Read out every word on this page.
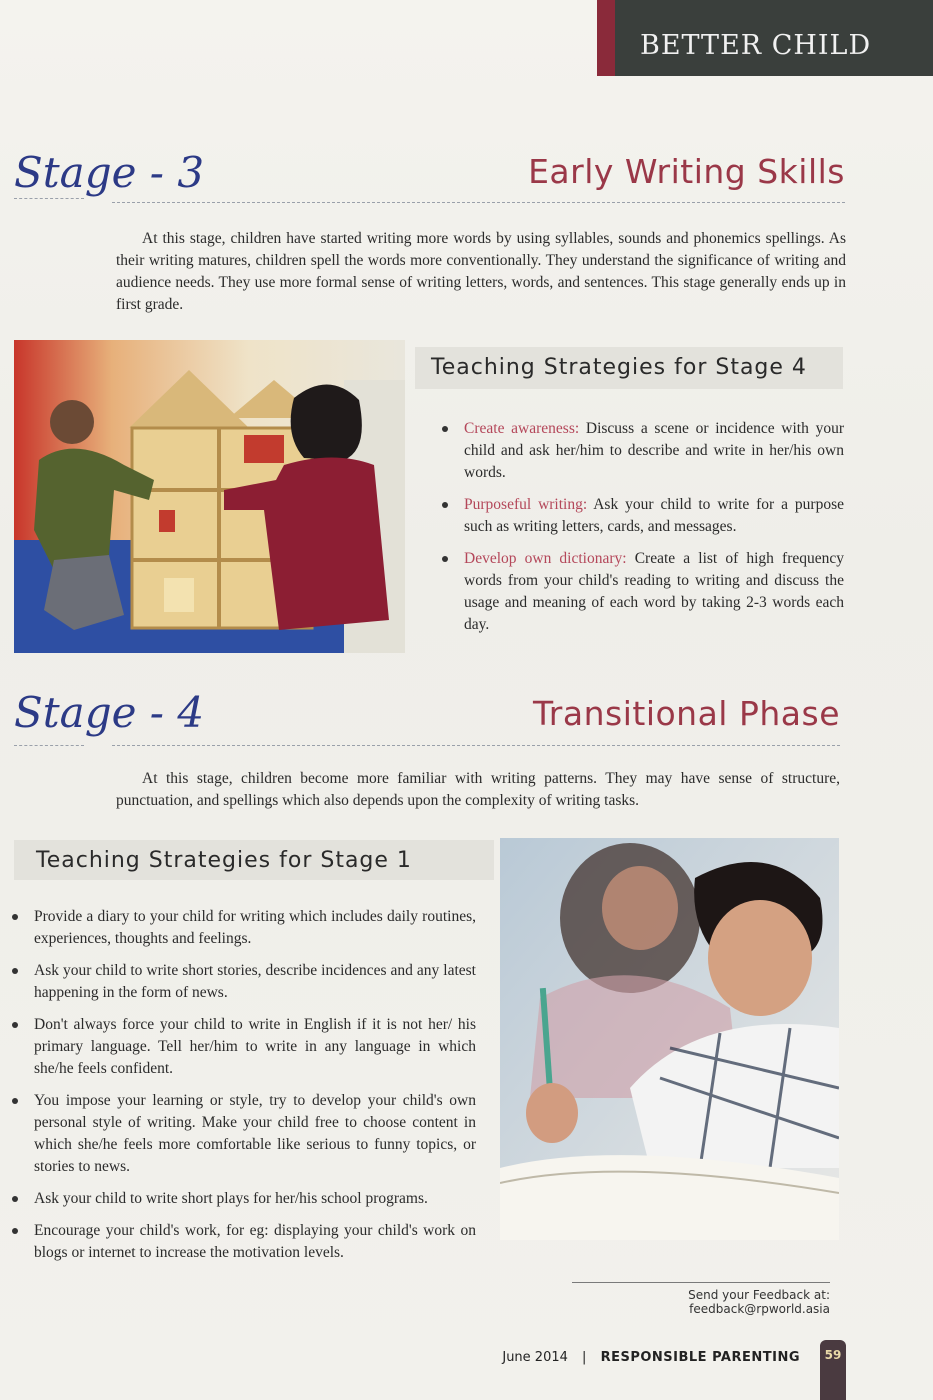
BETTER CHILD
Stage - 3	Early Writing Skills
At this stage, children have started writing more words by using syllables, sounds and phonemics spellings. As their writing matures, children spell the words more conventionally. They understand the significance of writing and audience needs. They use more formal sense of writing letters, words, and sentences. This stage generally ends up in first grade.
Teaching Strategies for Stage 4
Create awareness: Discuss a scene or incidence with your child and ask her/him to describe and write in her/his own words.
Purposeful writing: Ask your child to write for a purpose such as writing letters, cards, and messages.
Develop own dictionary: Create a list of high frequency words from your child's reading to writing and discuss the usage and meaning of each word by taking 2-3 words each day.
Stage - 4	Transitional Phase
At this stage, children become more familiar with writing patterns. They may have sense of structure, punctuation, and spellings which also depends upon the complexity of writing tasks.
Teaching Strategies for Stage 1
Provide a diary to your child for writing which includes daily routines, experiences, thoughts and feelings.
Ask your child to write short stories, describe incidences and any latest happening in the form of news.
Don't always force your child to write in English if it is not her/ his primary language. Tell her/him to write in any language in which she/he feels confident.
You impose your learning or style, try to develop your child's own personal style of writing. Make your child free to choose content in which she/he feels more comfortable like serious to funny topics, or stories to news.
Ask your child to write short plays for her/his school programs.
Encourage your child's work, for eg: displaying your child's work on blogs or internet to increase the motivation levels.
Send your Feedback at: feedback@rpworld.asia
June 2014 | RESPONSIBLE PARENTING	59
